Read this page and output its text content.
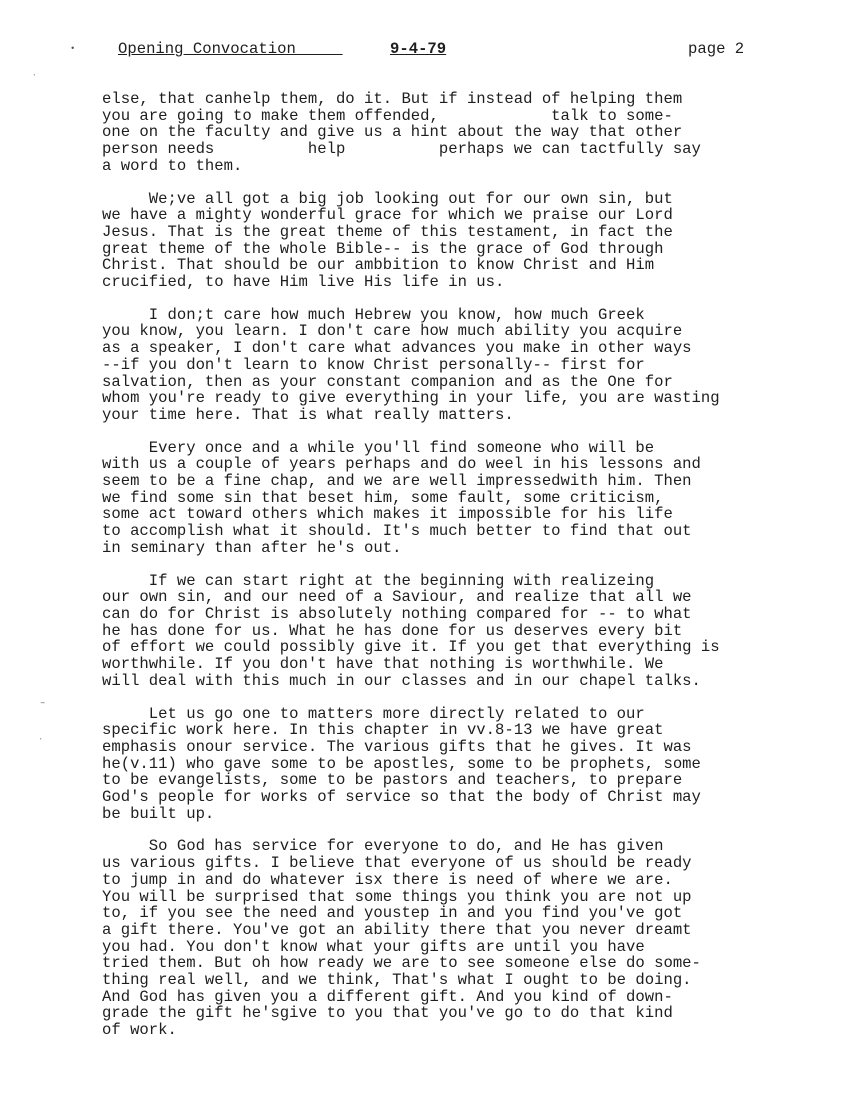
•
ˋ
–
ˊ
Opening Convocation	9-4-79	page 2

else, that canhelp them, do it. But if instead of helping them
you are going to make them offended,            talk to some-
one on the faculty and give us a hint about the way that other
person needs          help          perhaps we can tactfully say
a word to them.

We;ve all got a big job looking out for our own sin, but
we have a mighty wonderful grace for which we praise our Lord
Jesus. That is the great theme of this testament, in fact the
great theme of the whole Bible-- is the grace of God through
Christ. That should be our ambbition to know Christ and Him
crucified, to have Him live His life in us.

I don;t care how much Hebrew you know, how much Greek
you know, you learn. I don't care how much ability you acquire
as a speaker, I don't care what advances you make in other ways
--if you don't learn to know Christ personally-- first for
salvation, then as your constant companion and as the One for
whom you're ready to give everything in your life, you are wasting
your time here. That is what really matters.

Every once and a while you'll find someone who will be
with us a couple of years perhaps and do weel in his lessons and
seem to be a fine chap, and we are well impressedwith him. Then
we find some sin that beset him, some fault, some criticism,
some act toward others which makes it impossible for his life
to accomplish what it should. It's much better to find that out
in seminary than after he's out.

If we can start right at the beginning with realizeing
our own sin, and our need of a Saviour, and realize that all we
can do for Christ is absolutely nothing compared for -- to what
he has done for us. What he has done for us deserves every bit
of effort we could possibly give it. If you get that everything is
worthwhile. If you don't have that nothing is worthwhile. We
will deal with this much in our classes and in our chapel talks.

Let us go one to matters more directly related to our
specific work here. In this chapter in vv.8-13 we have great
emphasis onour service. The various gifts that he gives. It was
he(v.11) who gave some to be apostles, some to be prophets, some
to be evangelists, some to be pastors and teachers, to prepare
God's people for works of service so that the body of Christ may
be built up.

So God has service for everyone to do, and He has given
us various gifts. I believe that everyone of us should be ready
to jump in and do whatever isx there is need of where we are.
You will be surprised that some things you think you are not up
to, if you see the need and youstep in and you find you've got
a gift there. You've got an ability there that you never dreamt
you had. You don't know what your gifts are until you have
tried them. But oh how ready we are to see someone else do some-
thing real well, and we think, That's what I ought to be doing.
And God has given you a different gift. And you kind of down-
grade the gift he'sgive to you that you've go to do that kind
of work.
